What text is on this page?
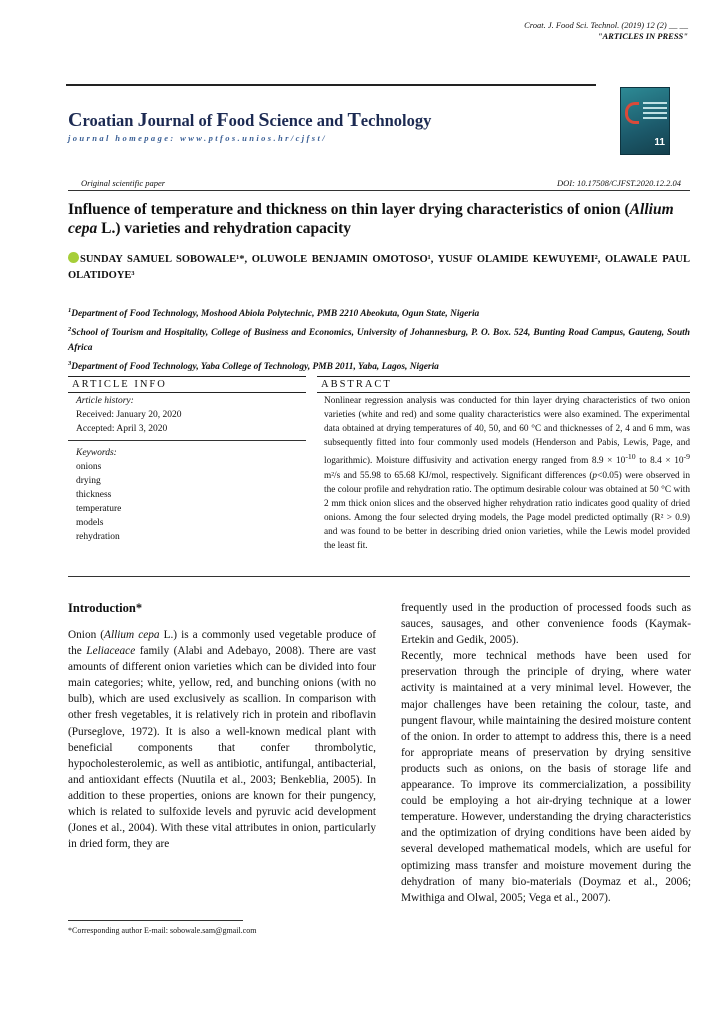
Croat. J. Food Sci. Technol. (2019) 12 (2) __ __
"ARTICLES IN PRESS"
Croatian Journal of Food Science and Technology
journal homepage: www.ptfos.unios.hr/cjfst/	11
Original scientific paper	DOI: 10.17508/CJFST.2020.12.2.04
Influence of temperature and thickness on thin layer drying characteristics of onion (Allium cepa L.) varieties and rehydration capacity
SUNDAY SAMUEL SOBOWALE¹*, OLUWOLE BENJAMIN OMOTOSO¹, YUSUF OLAMIDE KEWUYEMI², OLAWALE PAUL OLATIDOYE³
$^1$Department of Food Technology, Moshood Abiola Polytechnic, PMB 2210 Abeokuta, Ogun State, Nigeria
$^2$School of Tourism and Hospitality, College of Business and Economics, University of Johannesburg, P. O. Box. 524, Bunting Road Campus, Gauteng, South Africa
$^3$Department of Food Technology, Yaba College of Technology, PMB 2011, Yaba, Lagos, Nigeria
ARTICLE INFO
Article history:
Received: January 20, 2020
Accepted: April 3, 2020
Keywords:
onions
drying
thickness
temperature
models
rehydration
ABSTRACT
Nonlinear regression analysis was conducted for thin layer drying characteristics of two onion varieties (white and red) and some quality characteristics were also examined. The experimental data obtained at drying temperatures of 40, 50, and 60 °C and thicknesses of 2, 4 and 6 mm, was subsequently fitted into four commonly used models (Henderson and Pabis, Lewis, Page, and logarithmic). Moisture diffusivity and activation energy ranged from $8.9 \times 10^{-10}$ to $8.4 \times 10^{-9}$ m²/s and 55.98 to 65.68 KJ/mol, respectively. Significant differences (p<0.05) were observed in the colour profile and rehydration ratio. The optimum desirable colour was obtained at 50 °C with 2 mm thick onion slices and the observed higher rehydration ratio indicates good quality of dried onions. Among the four selected drying models, the Page model predicted optimally (R² > 0.9) and was found to be better in describing dried onion varieties, while the Lewis model provided the least fit.
Introduction*
Onion (Allium cepa L.) is a commonly used vegetable produce of the Leliaceace family (Alabi and Adebayo, 2008). There are vast amounts of different onion varieties which can be divided into four main categories; white, yellow, red, and bunching onions (with no bulb), which are used exclusively as scallion. In comparison with other fresh vegetables, it is relatively rich in protein and riboflavin (Purseglove, 1972). It is also a well-known medical plant with beneficial components that confer thrombolytic, hypocholesterolemic, as well as antibiotic, antifungal, antibacterial, and antioxidant effects (Nuutila et al., 2003; Benkeblia, 2005). In addition to these properties, onions are known for their pungency, which is related to sulfoxide levels and pyruvic acid development (Jones et al., 2004). With these vital attributes in onion, particularly in dried form, they are
frequently used in the production of processed foods such as sauces, sausages, and other convenience foods (Kaymak-Ertekin and Gedik, 2005).
Recently, more technical methods have been used for preservation through the principle of drying, where water activity is maintained at a very minimal level. However, the major challenges have been retaining the colour, taste, and pungent flavour, while maintaining the desired moisture content of the onion. In order to attempt to address this, there is a need for appropriate means of preservation by drying sensitive products such as onions, on the basis of storage life and appearance. To improve its commercialization, a possibility could be employing a hot air-drying technique at a lower temperature. However, understanding the drying characteristics and the optimization of drying conditions have been aided by several developed mathematical models, which are useful for optimizing mass transfer and moisture movement during the dehydration of many bio-materials (Doymaz et al., 2006; Mwithiga and Olwal, 2005; Vega et al., 2007).
*Corresponding author E-mail: sobowale.sam@gmail.com
